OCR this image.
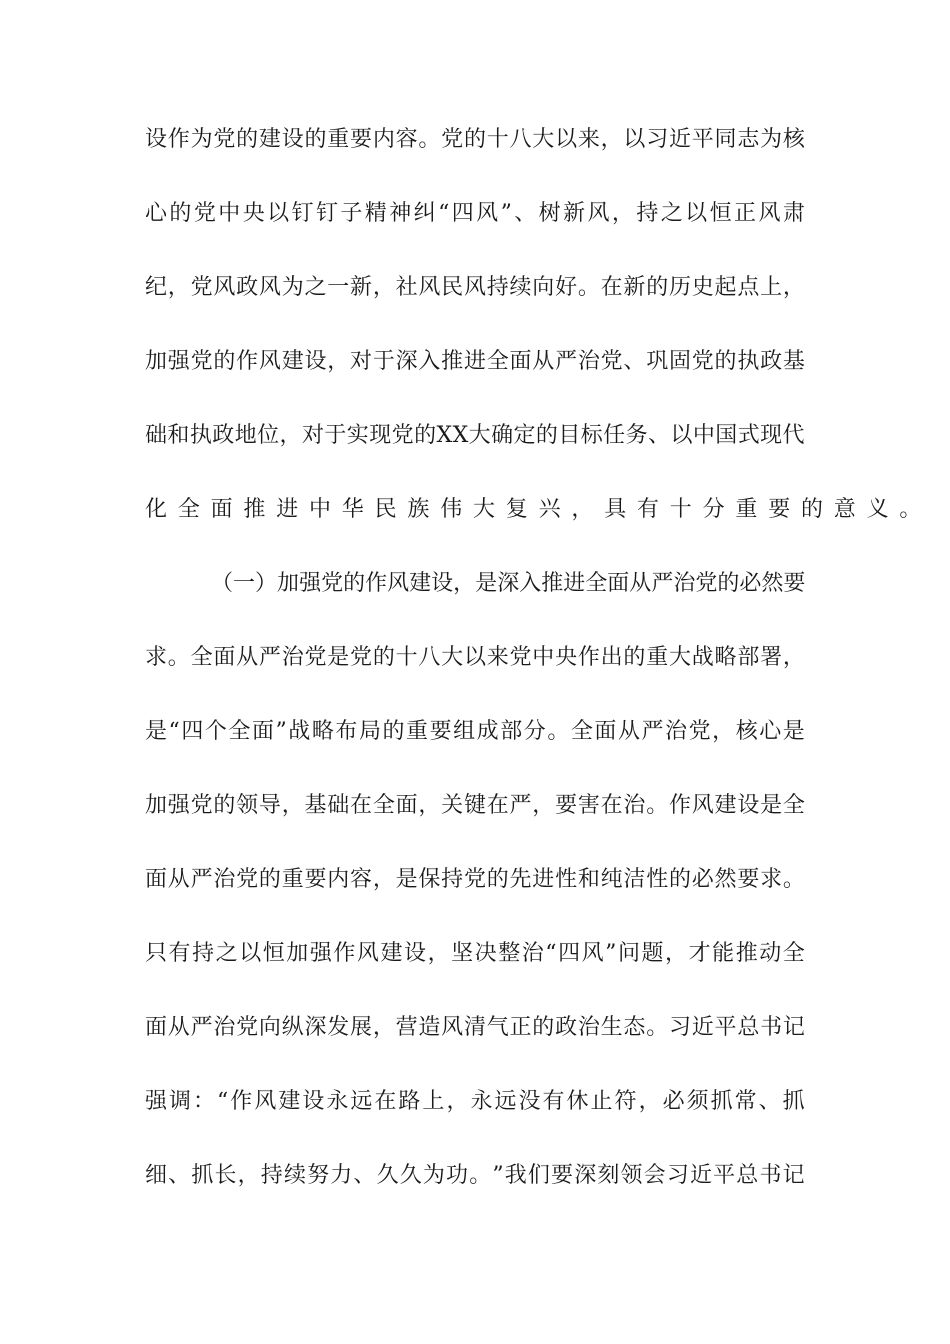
设 作 为 党 的 建 设 的 重 要 内 容 。 党 的 十 八 大 以 来 ， 以 习 近 平 同 志 为 核
心 的 党 中 央 以 钉 钉 子 精 神 纠 “ 四 风 ” 、 树 新 风 ， 持 之 以 恒 正 风 肃
纪 ， 党 风 政 风 为 之 一 新 ， 社 风 民 风 持 续 向 好 。 在 新 的 历 史 起 点 上 ，
加 强 党 的 作 风 建 设 ， 对 于 深 入 推 进 全 面 从 严 治 党 、 巩 固 党 的 执 政 基
础 和 执 政 地 位 ， 对 于 实 现 党 的 X X 大 确 定 的 目 标 任 务 、 以 中 国 式 现 代
化全面推进中华民族伟大复兴，具有十分重要的意义。
（ 一 ） 加 强 党 的 作 风 建 设 ， 是 深 入 推 进 全 面 从 严 治 党 的 必 然 要
求 。 全 面 从 严 治 党 是 党 的 十 八 大 以 来 党 中 央 作 出 的 重 大 战 略 部 署 ，
是 “ 四 个 全 面 ” 战 略 布 局 的 重 要 组 成 部 分 。 全 面 从 严 治 党 ， 核 心 是
加 强 党 的 领 导 ， 基 础 在 全 面 ， 关 键 在 严 ， 要 害 在 治 。 作 风 建 设 是 全
面 从 严 治 党 的 重 要 内 容 ， 是 保 持 党 的 先 进 性 和 纯 洁 性 的 必 然 要 求 。
只 有 持 之 以 恒 加 强 作 风 建 设 ， 坚 决 整 治 “ 四 风 ” 问 题 ， 才 能 推 动 全
面 从 严 治 党 向 纵 深 发 展 ， 营 造 风 清 气 正 的 政 治 生 态 。 习 近 平 总 书 记
强 调 ： “ 作 风 建 设 永 远 在 路 上 ， 永 远 没 有 休 止 符 ， 必 须 抓 常 、 抓
细 、 抓 长 ， 持 续 努 力 、 久 久 为 功 。 ” 我 们 要 深 刻 领 会 习 近 平 总 书 记
